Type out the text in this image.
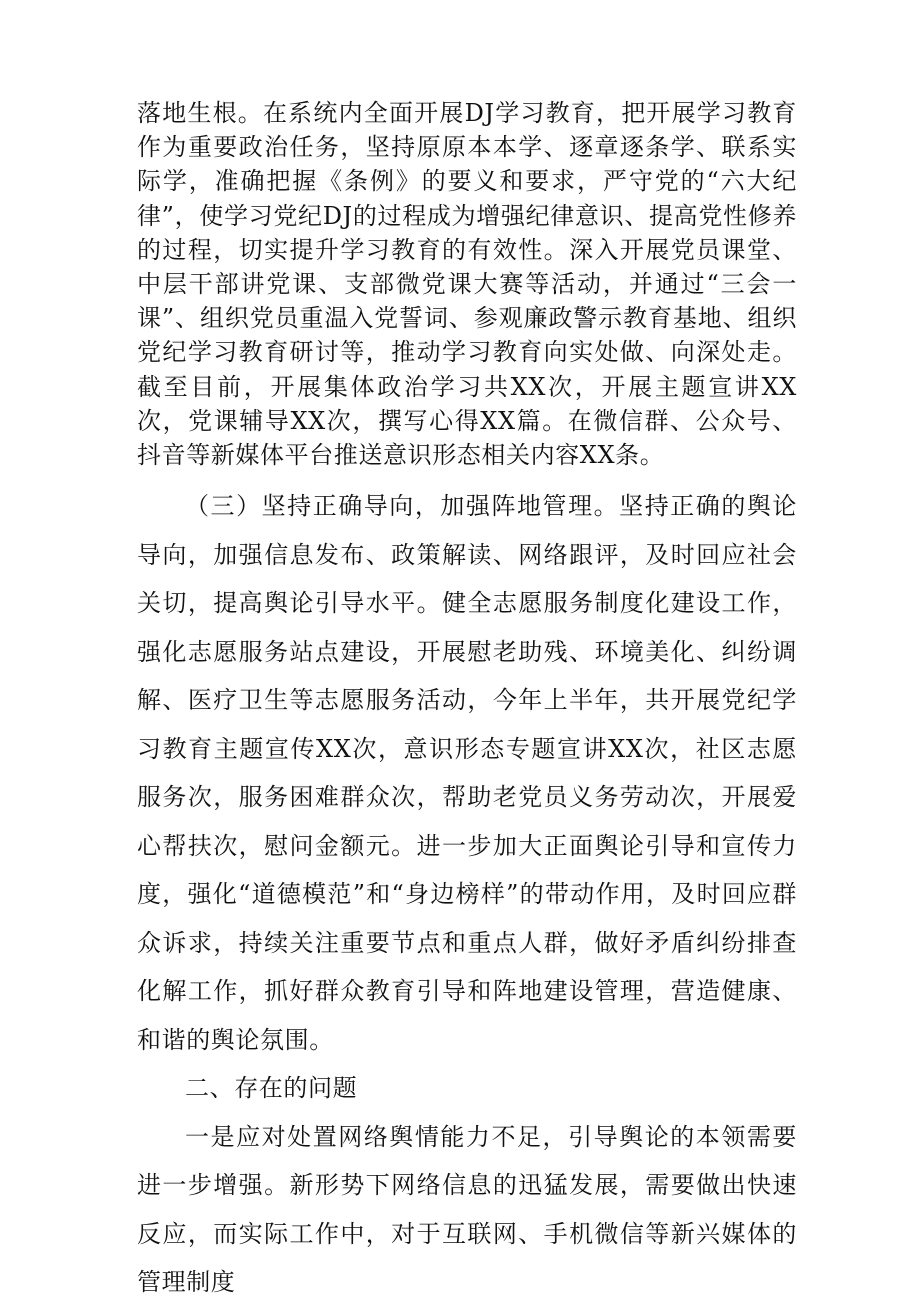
落地生根。在系统内全面开展DJ学习教育，把开展学习教育作为重要政治任务，坚持原原本本学、逐章逐条学、联系实际学，准确把握《条例》的要义和要求，严守党的“六大纪律”，使学习党纪DJ的过程成为增强纪律意识、提高党性修养的过程，切实提升学习教育的有效性。深入开展党员课堂、中层干部讲党课、支部微党课大赛等活动，并通过“三会一课”、组织党员重温入党誓词、参观廉政警示教育基地、组织党纪学习教育研讨等，推动学习教育向实处做、向深处走。截至目前，开展集体政治学习共XX次，开展主题宣讲XX次，党课辅导XX次，撰写心得XX篇。在微信群、公众号、抖音等新媒体平台推送意识形态相关内容XX条。

（三）坚持正确导向，加强阵地管理。坚持正确的舆论导向，加强信息发布、政策解读、网络跟评，及时回应社会关切，提高舆论引导水平。健全志愿服务制度化建设工作，强化志愿服务站点建设，开展慰老助残、环境美化、纠纷调解、医疗卫生等志愿服务活动，今年上半年，共开展党纪学习教育主题宣传XX次，意识形态专题宣讲XX次，社区志愿服务次，服务困难群众次，帮助老党员义务劳动次，开展爱心帮扶次，慰问金额元。进一步加大正面舆论引导和宣传力度，强化“道德模范”和“身边榜样”的带动作用，及时回应群众诉求，持续关注重要节点和重点人群，做好矛盾纠纷排查化解工作，抓好群众教育引导和阵地建设管理，营造健康、和谐的舆论氛围。

二、存在的问题

一是应对处置网络舆情能力不足，引导舆论的本领需要进一步增强。新形势下网络信息的迅猛发展，需要做出快速反应，而实际工作中，对于互联网、手机微信等新兴媒体的管理制度
